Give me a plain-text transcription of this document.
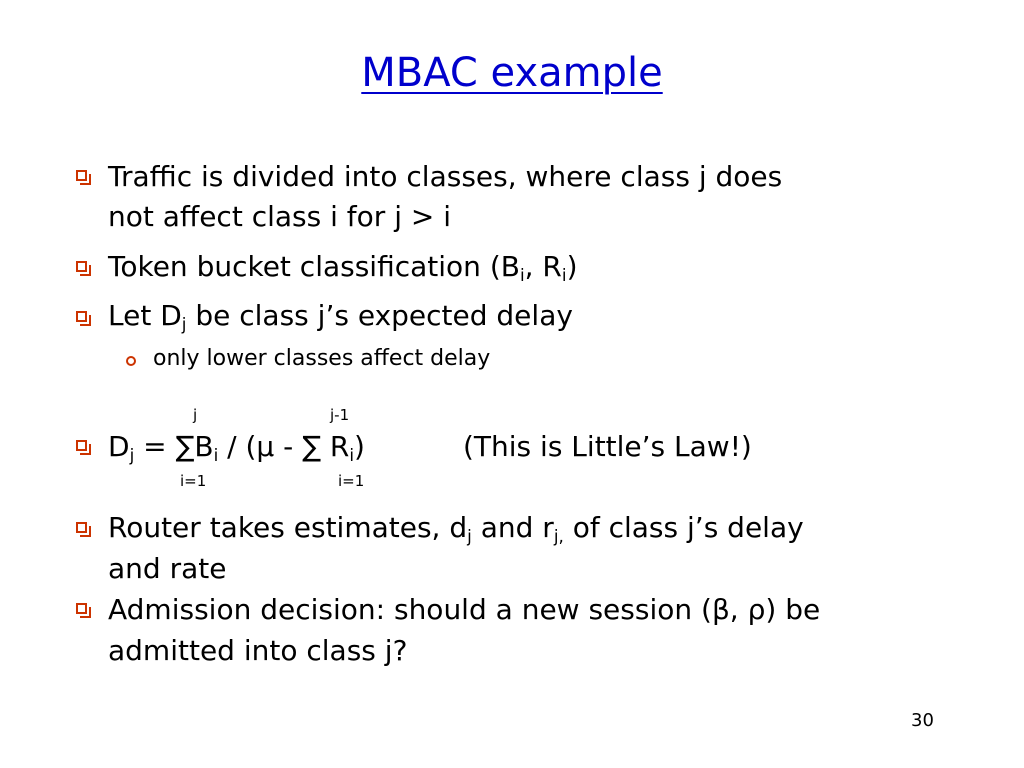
MBAC example
Traffic is divided into classes, where class j does
not affect class i for j > i
Token bucket classification ($B_i$, $R_i$)
Let $D_j$ be class j’s expected delay
only lower classes affect delay
j	j-1
$D_j = \sum B_i / (\mu$ - ∑ $R_i$)	(This is Little’s Law!)
i=1	i=1
Router takes estimates, $d_j$ and $r_{j,}$ of class j’s delay
and rate
Admission decision: should a new session (β, ρ) be
admitted into class j?
30
